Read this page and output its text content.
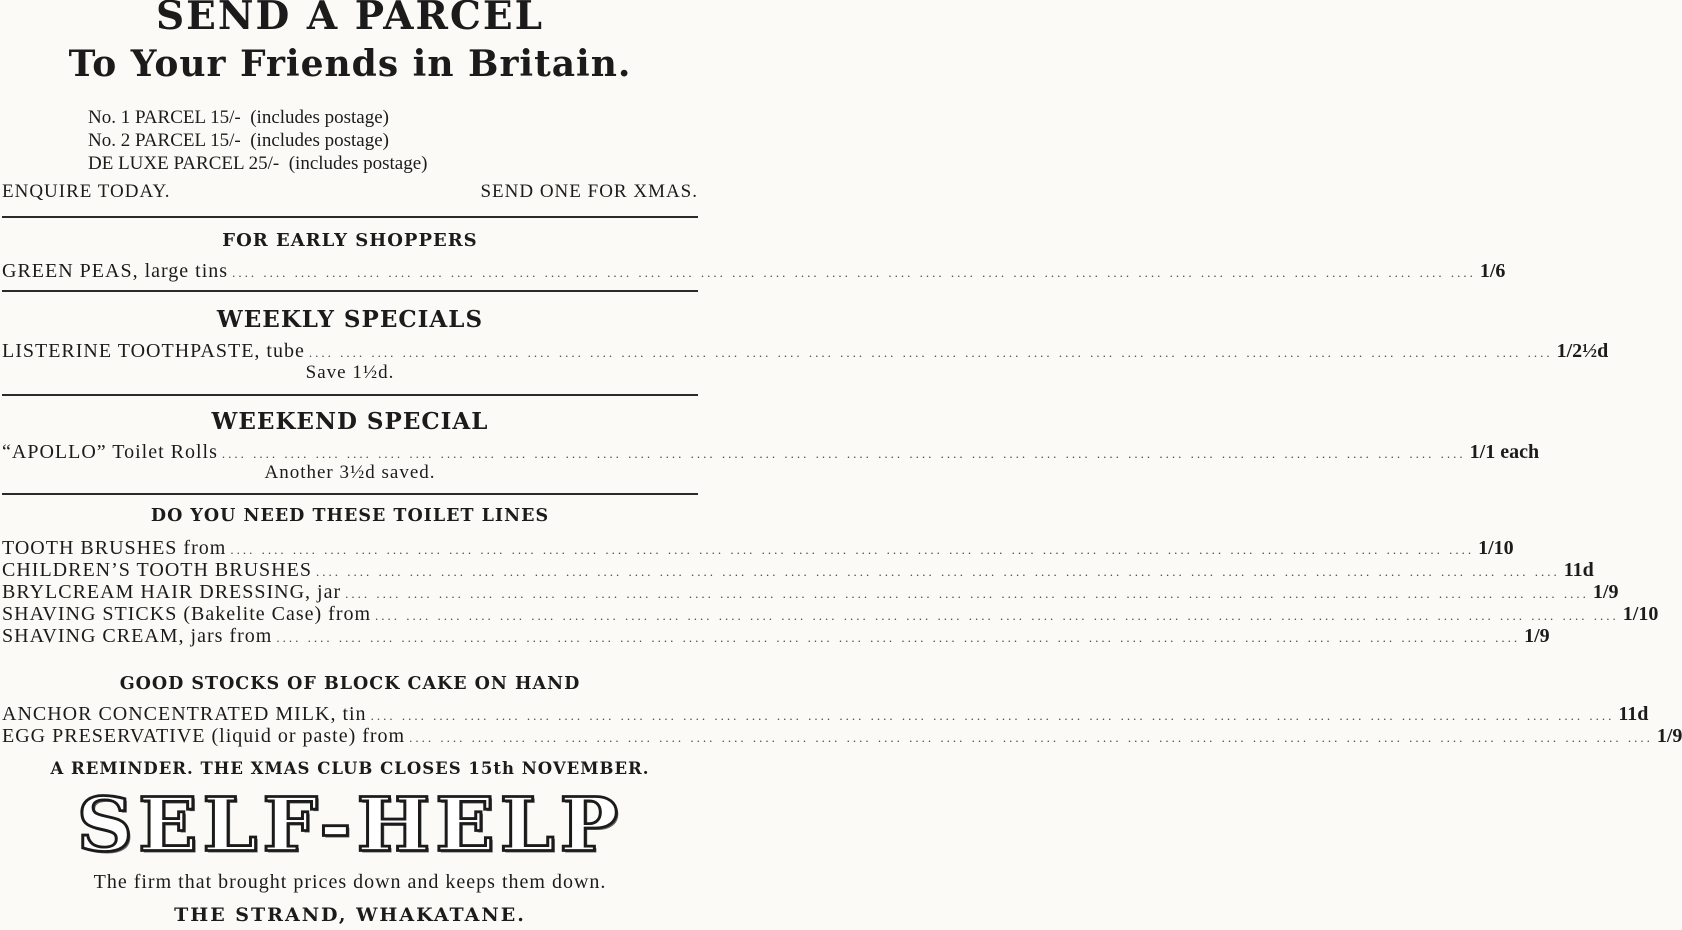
SEND A PARCEL
To Your Friends in Britain.
No. 1 PARCEL 15/-  (includes postage)
No. 2 PARCEL 15/-  (includes postage)
DE LUXE PARCEL 25/-  (includes postage)
ENQUIRE TODAY.	SEND ONE FOR XMAS.
FOR EARLY SHOPPERS
GREEN PEAS, large tins .... .... .... .... .... .... .... .... .... .... .... .... .... .... .... .... .... .... .... .... .... .... .... .... .... .... .... .... .... .... .... .... .... .... .... .... .... .... .... .... 1/6
WEEKLY SPECIALS
LISTERINE TOOTHPASTE, tube .... .... .... .... .... .... .... .... .... .... .... .... .... .... .... .... .... .... .... .... .... .... .... .... .... .... .... .... .... .... .... .... .... .... .... .... .... .... .... .... 1/2½d
Save 1½d.
WEEKEND SPECIAL
“APOLLO” Toilet Rolls .... .... .... .... .... .... .... .... .... .... .... .... .... .... .... .... .... .... .... .... .... .... .... .... .... .... .... .... .... .... .... .... .... .... .... .... .... .... .... .... 1/1 each
Another 3½d saved.
DO YOU NEED THESE TOILET LINES
TOOTH BRUSHES from .... .... .... .... .... .... .... .... .... .... .... .... .... .... .... .... .... .... .... .... .... .... .... .... .... .... .... .... .... .... .... .... .... .... .... .... .... .... .... .... 1/10
CHILDREN’S TOOTH BRUSHES .... .... .... .... .... .... .... .... .... .... .... .... .... .... .... .... .... .... .... .... .... .... .... .... .... .... .... .... .... .... .... .... .... .... .... .... .... .... .... .... 11d
BRYLCREAM HAIR DRESSING, jar .... .... .... .... .... .... .... .... .... .... .... .... .... .... .... .... .... .... .... .... .... .... .... .... .... .... .... .... .... .... .... .... .... .... .... .... .... .... .... .... 1/9
SHAVING STICKS (Bakelite Case) from .... .... .... .... .... .... .... .... .... .... .... .... .... .... .... .... .... .... .... .... .... .... .... .... .... .... .... .... .... .... .... .... .... .... .... .... .... .... .... .... 1/10
SHAVING CREAM, jars from .... .... .... .... .... .... .... .... .... .... .... .... .... .... .... .... .... .... .... .... .... .... .... .... .... .... .... .... .... .... .... .... .... .... .... .... .... .... .... .... 1/9
GOOD STOCKS OF BLOCK CAKE ON HAND
ANCHOR CONCENTRATED MILK, tin .... .... .... .... .... .... .... .... .... .... .... .... .... .... .... .... .... .... .... .... .... .... .... .... .... .... .... .... .... .... .... .... .... .... .... .... .... .... .... .... 11d
EGG PRESERVATIVE (liquid or paste) from .... .... .... .... .... .... .... .... .... .... .... .... .... .... .... .... .... .... .... .... .... .... .... .... .... .... .... .... .... .... .... .... .... .... .... .... .... .... .... .... 1/9
A REMINDER. THE XMAS CLUB CLOSES 15th NOVEMBER.
SELF-HELP
The firm that brought prices down and keeps them down.
THE STRAND, WHAKATANE.
